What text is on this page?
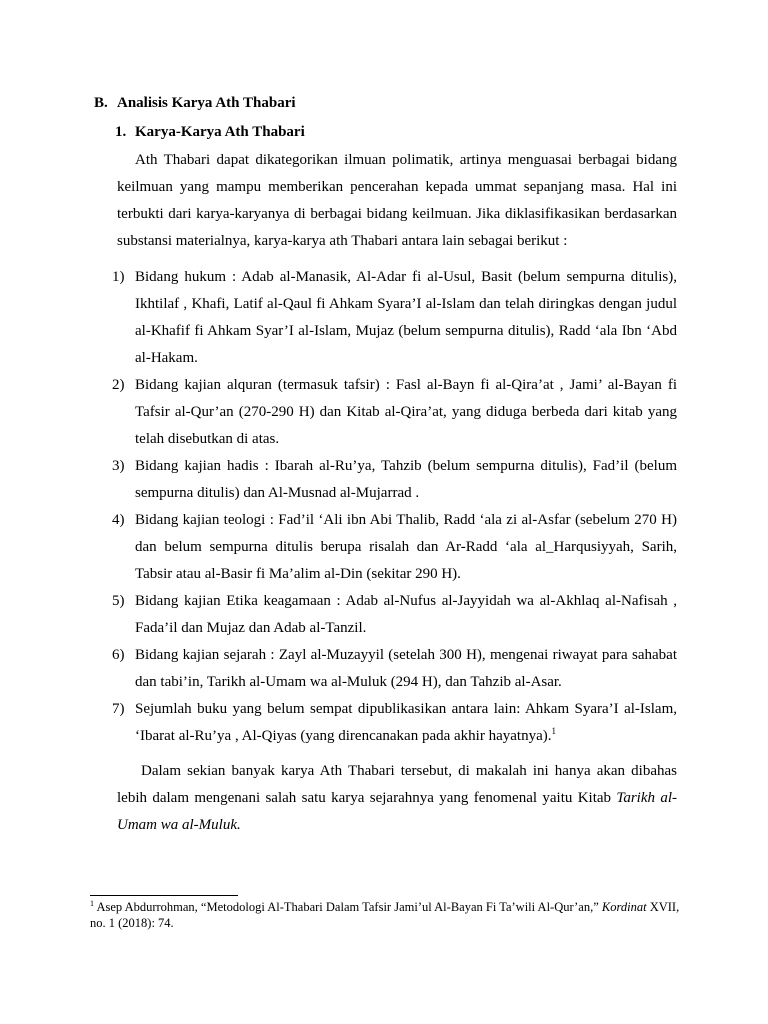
B. Analisis Karya Ath Thabari
1. Karya-Karya Ath Thabari
Ath Thabari dapat dikategorikan ilmuan polimatik, artinya menguasai berbagai bidang keilmuan yang mampu memberikan pencerahan kepada ummat sepanjang masa. Hal ini terbukti dari karya-karyanya di berbagai bidang keilmuan. Jika diklasifikasikan berdasarkan substansi materialnya, karya-karya ath Thabari antara lain sebagai berikut :
1) Bidang hukum : Adab al-Manasik, Al-Adar fi al-Usul, Basit (belum sempurna ditulis), Ikhtilaf , Khafi, Latif al-Qaul fi Ahkam Syara’I al-Islam dan telah diringkas dengan judul al-Khafif fi Ahkam Syar’I al-Islam, Mujaz (belum sempurna ditulis), Radd ‘ala Ibn ‘Abd al-Hakam.
2) Bidang kajian alquran (termasuk tafsir) : Fasl al-Bayn fi al-Qira’at , Jami’ al-Bayan fi Tafsir al-Qur’an (270-290 H) dan Kitab al-Qira’at, yang diduga berbeda dari kitab yang telah disebutkan di atas.
3) Bidang kajian hadis : Ibarah al-Ru’ya, Tahzib (belum sempurna ditulis), Fad’il (belum sempurna ditulis) dan Al-Musnad al-Mujarrad .
4) Bidang kajian teologi : Fad’il ‘Ali ibn Abi Thalib, Radd ‘ala zi al-Asfar (sebelum 270 H) dan belum sempurna ditulis berupa risalah dan Ar-Radd ‘ala al_Harqusiyyah, Sarih, Tabsir atau al-Basir fi Ma’alim al-Din (sekitar 290 H).
5) Bidang kajian Etika keagamaan : Adab al-Nufus al-Jayyidah wa al-Akhlaq al-Nafisah , Fada’il dan Mujaz dan Adab al-Tanzil.
6) Bidang kajian sejarah : Zayl al-Muzayyil (setelah 300 H), mengenai riwayat para sahabat dan tabi’in, Tarikh al-Umam wa al-Muluk (294 H), dan Tahzib al-Asar.
7) Sejumlah buku yang belum sempat dipublikasikan antara lain: Ahkam Syara’I al-Islam, ‘Ibarat al-Ru’ya , Al-Qiyas (yang direncanakan pada akhir hayatnya).$^1$
Dalam sekian banyak karya Ath Thabari tersebut, di makalah ini hanya akan dibahas lebih dalam mengenani salah satu karya sejarahnya yang fenomenal yaitu Kitab Tarikh al-Umam wa al-Muluk.
$^1$ Asep Abdurrohman, “Metodologi Al-Thabari Dalam Tafsir Jami’ul Al-Bayan Fi Ta’wili Al-Qur’an,” Kordinat XVII, no. 1 (2018): 74.
